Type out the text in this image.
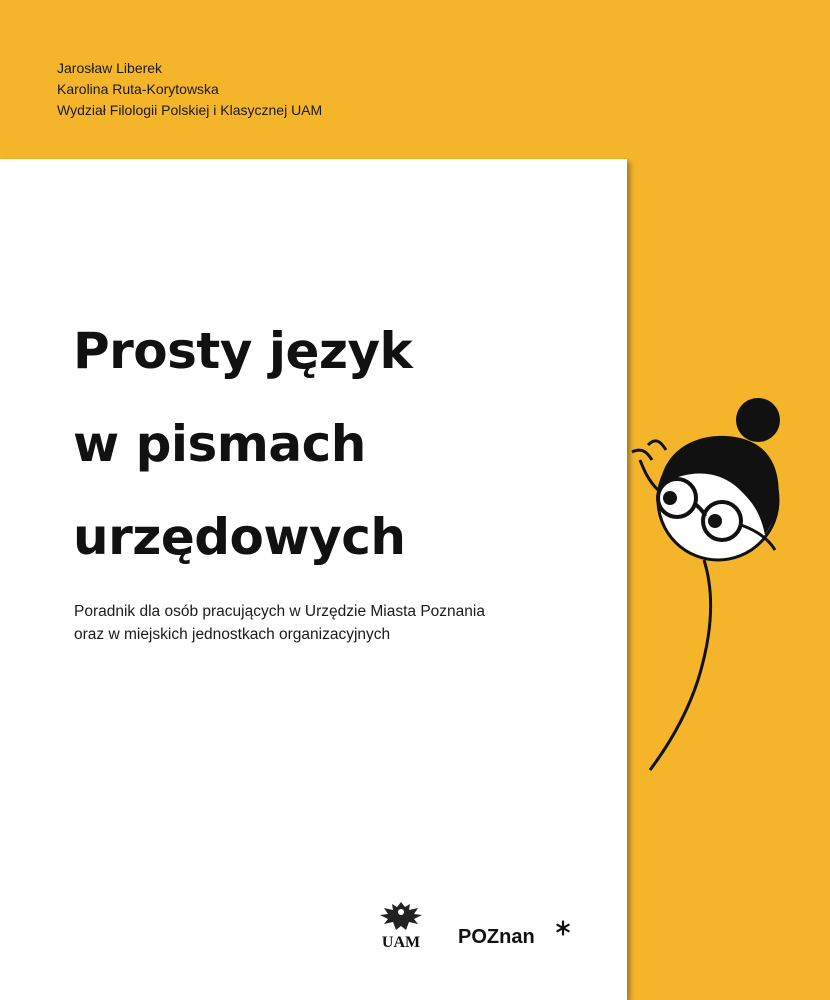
Jarosław Liberek
Karolina Ruta-Korytowska
Wydział Filologii Polskiej i Klasycznej UAM
Prosty język
w pismach
urzędowych
Poradnik dla osób pracujących w Urzędzie Miasta Poznania
oraz w miejskich jednostkach organizacyjnych
UAM POZnan
